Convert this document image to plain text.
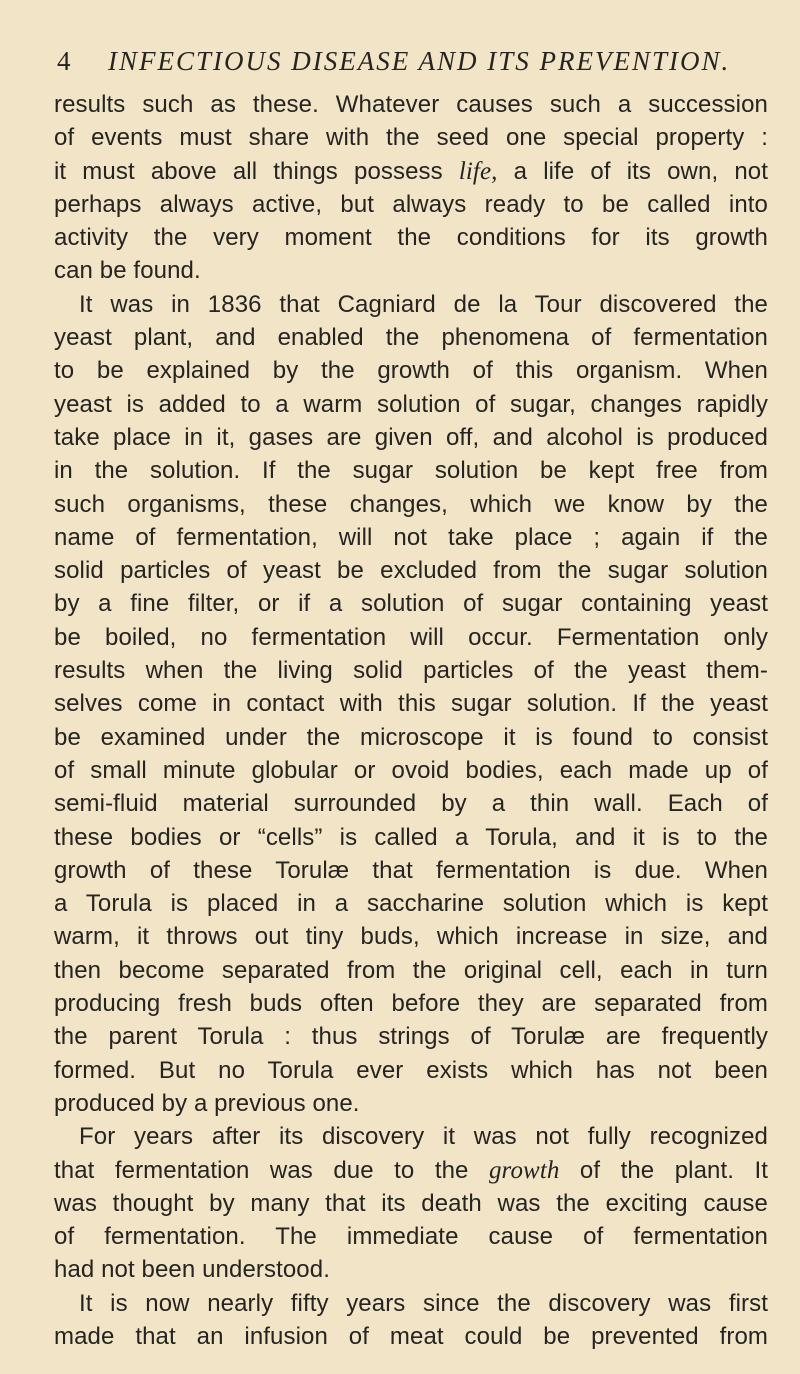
4 INFECTIOUS DISEASE AND ITS PREVENTION.
results such as these. Whatever causes such a succession
of events must share with the seed one special property :
it must above all things possess life, a life of its own, not
perhaps always active, but always ready to be called into
activity the very moment the conditions for its growth
can be found.
It was in 1836 that Cagniard de la Tour discovered the
yeast plant, and enabled the phenomena of fermentation
to be explained by the growth of this organism. When
yeast is added to a warm solution of sugar, changes rapidly
take place in it, gases are given off, and alcohol is produced
in the solution. If the sugar solution be kept free from
such organisms, these changes, which we know by the
name of fermentation, will not take place ; again if the
solid particles of yeast be excluded from the sugar solution
by a fine filter, or if a solution of sugar containing yeast
be boiled, no fermentation will occur. Fermentation only
results when the living solid particles of the yeast them-
selves come in contact with this sugar solution. If the yeast
be examined under the microscope it is found to consist
of small minute globular or ovoid bodies, each made up of
semi-fluid material surrounded by a thin wall. Each of
these bodies or “cells” is called a Torula, and it is to the
growth of these Torulæ that fermentation is due. When
a Torula is placed in a saccharine solution which is kept
warm, it throws out tiny buds, which increase in size, and
then become separated from the original cell, each in turn
producing fresh buds often before they are separated from
the parent Torula : thus strings of Torulæ are frequently
formed. But no Torula ever exists which has not been
produced by a previous one.
For years after its discovery it was not fully recognized
that fermentation was due to the growth of the plant. It
was thought by many that its death was the exciting cause
of fermentation. The immediate cause of fermentation
had not been understood.
It is now nearly fifty years since the discovery was first
made that an infusion of meat could be prevented from
